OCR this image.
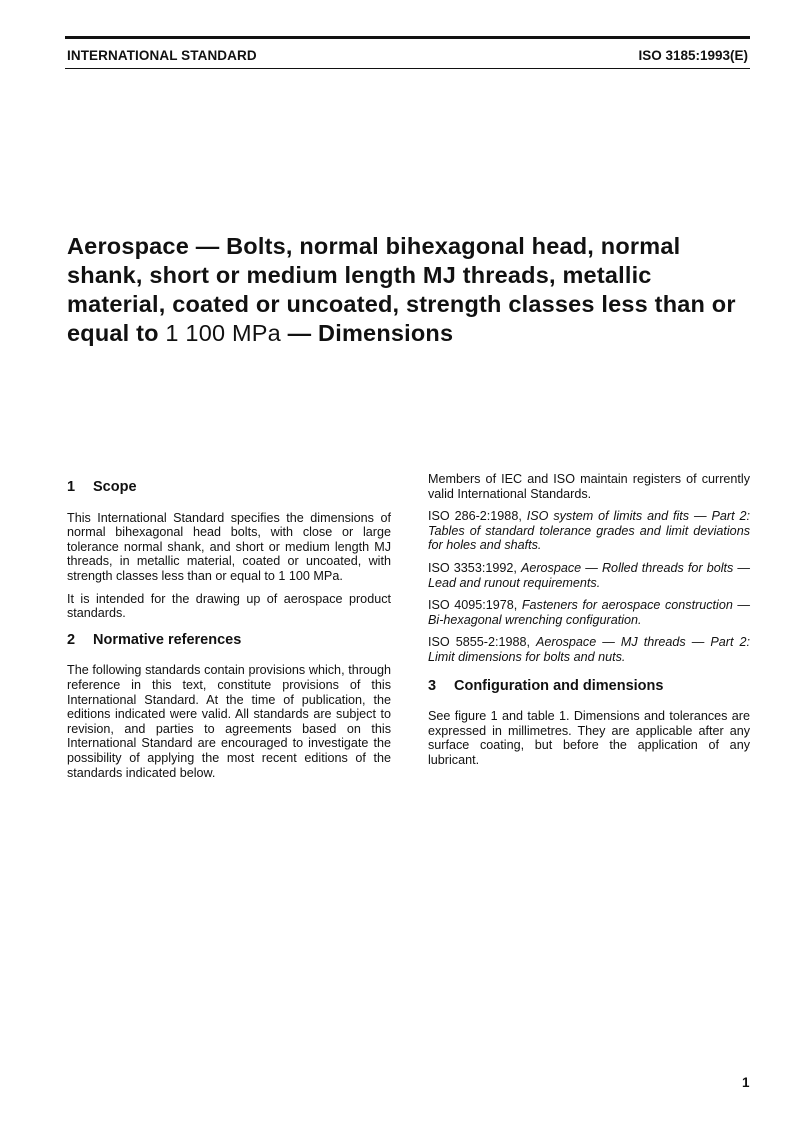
INTERNATIONAL STANDARD	ISO 3185:1993(E)
Aerospace — Bolts, normal bihexagonal head, normal shank, short or medium length MJ threads, metallic material, coated or uncoated, strength classes less than or equal to 1 100 MPa — Dimensions
1	Scope

This International Standard specifies the dimensions of normal bihexagonal head bolts, with close or large tolerance normal shank, and short or medium length MJ threads, in metallic material, coated or uncoated, with strength classes less than or equal to 1 100 MPa.

It is intended for the drawing up of aerospace product standards.

2	Normative references

The following standards contain provisions which, through reference in this text, constitute provisions of this International Standard. At the time of publication, the editions indicated were valid. All standards are subject to revision, and parties to agreements based on this International Standard are encouraged to investigate the possibility of applying the most recent editions of the standards indicated below.

Members of IEC and ISO maintain registers of currently valid International Standards.

ISO 286-2:1988, ISO system of limits and fits — Part 2: Tables of standard tolerance grades and limit deviations for holes and shafts.

ISO 3353:1992, Aerospace — Rolled threads for bolts — Lead and runout requirements.

ISO 4095:1978, Fasteners for aerospace construction — Bi-hexagonal wrenching configuration.

ISO 5855-2:1988, Aerospace — MJ threads — Part 2: Limit dimensions for bolts and nuts.

3	Configuration and dimensions

See figure 1 and table 1. Dimensions and tolerances are expressed in millimetres. They are applicable after any surface coating, but before the application of any lubricant.

1
